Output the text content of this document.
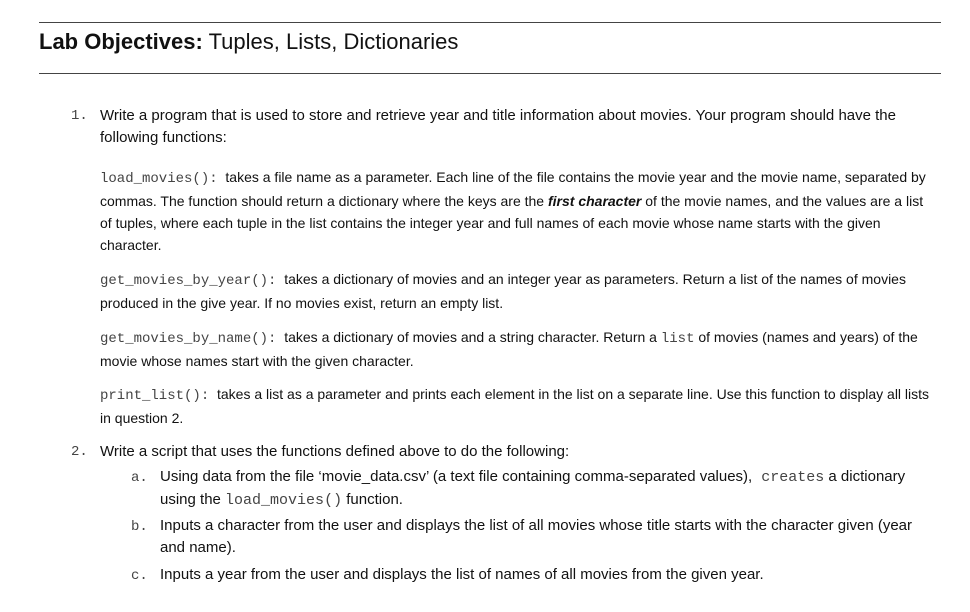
Lab Objectives: Tuples, Lists, Dictionaries
1. Write a program that is used to store and retrieve year and title information about movies. Your program should have the following functions:
load_movies(): takes a file name as a parameter. Each line of the file contains the movie year and the movie name, separated by commas. The function should return a dictionary where the keys are the first character of the movie names, and the values are a list of tuples, where each tuple in the list contains the integer year and full names of each movie whose name starts with the given character.
get_movies_by_year(): takes a dictionary of movies and an integer year as parameters. Return a list of the names of movies produced in the give year. If no movies exist, return an empty list.
get_movies_by_name(): takes a dictionary of movies and a string character. Return a list of movies (names and years) of the movie whose names start with the given character.
print_list(): takes a list as a parameter and prints each element in the list on a separate line. Use this function to display all lists in question 2.
2. Write a script that uses the functions defined above to do the following:
a. Using data from the file ‘movie_data.csv’ (a text file containing comma-separated values), creates a dictionary using the load_movies() function.
b. Inputs a character from the user and displays the list of all movies whose title starts with the character given (year and name).
c. Inputs a year from the user and displays the list of names of all movies from the given year.
